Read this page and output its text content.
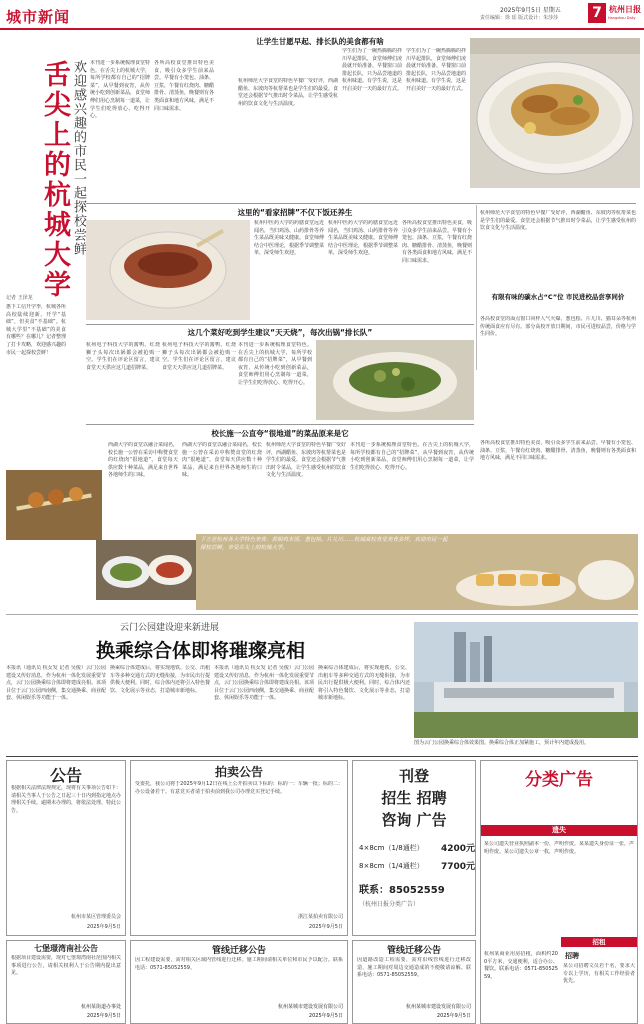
城市新闻	2025年9月5日 星期五
责任编辑：徐 瑶 版式设计：朱莎莎 7 杭州日报
Hangzhou Daily
舌尖上的杭城大学 欢迎感兴趣的市民一起探校尝鲜
记者 王泽龙
惠下工信开学季，杭城各所高校陆续迎新。开学“基础”，但美食“不基础”。杭城大学里“不基础”的美食有哪些？在哪儿？记者整理了打卡攻略，欢迎感兴趣的市民一起探校尝鲜！
本刊进一步系统梳理食堂特色。在舌尖上的杭城大学，每所学校都有自己的“招牌菜”，从早餐到夜宵，从传统小吃到创新菜品，食堂师傅们用心烹制每一道菜，让学生们吃得放心、吃得开心。
各所高校食堂推出特色美食，吸引众多学生前来品尝。早餐有小笼包、油条、豆浆，午餐有红烧肉、糖醋排骨、清蒸鱼，晚餐则有各类面食和地方风味，满足不同口味需求。
杭州师范大学食堂的特色早餐广受好评，西湖醋鱼、东坡肉等杭帮菜也是学生们的最爱。食堂还会根据节气推出时令菜品，让学生感受杭州的饮食文化与生活温度。
让学生甘愿早起、排长队的美食都有啥
学生们为了一碗热腾腾的拌川早起排队，食堂师傅们凌晨就开始准备。早餐窗口前排起长队，只为品尝地道的杭州味道。有学生说，这是开启美好一天的最好方式。
学生们为了一碗热腾腾的拌川早起排队，食堂师傅们凌晨就开始准备。早餐窗口前排起长队，只为品尝地道的杭州味道。有学生说，这是开启美好一天的最好方式。
这里的“看家招牌”不仅下饭还养生
杭州中医药大学的药膳食堂远近闻名，当归鸡汤、山药排骨等养生菜品既美味又健康。食堂师傅结合中医理论，根据季节调整菜单，深受师生欢迎。
杭州中医药大学的药膳食堂远近闻名，当归鸡汤、山药排骨等养生菜品既美味又健康。食堂师傅结合中医理论，根据季节调整菜单，深受师生欢迎。
各所高校食堂推出特色美食，吸引众多学生前来品尝。早餐有小笼包、油条、豆浆，午餐有红烧肉、糖醋排骨、清蒸鱼，晚餐则有各类面食和地方风味，满足不同口味需求。
杭州师范大学食堂的特色早餐广受好评，西湖醋鱼、东坡肉等杭帮菜也是学生们的最爱。食堂还会根据节气推出时令菜品，让学生感受杭州的饮食文化与生活温度。
这几个菜好吃到学生建议“天天烧”，每次出锅“排长队”
杭州电子科技大学的酱鸭、红烧狮子头每次出锅都会被抢购一空。学生们在评论区留言，建议食堂天天供应这几道招牌菜。
杭州电子科技大学的酱鸭、红烧狮子头每次出锅都会被抢购一空。学生们在评论区留言，建议食堂天天供应这几道招牌菜。
本刊进一步系统梳理食堂特色。在舌尖上的杭城大学，每所学校都有自己的“招牌菜”，从早餐到夜宵，从传统小吃到创新菜品，食堂师傅们用心烹制每一道菜，让学生们吃得放心、吃得开心。
有限有味的碳水占“C”位 市民进校品尝享同价
各高校食堂的面点窗口同样人气火爆，葱包桧、片儿川、猫耳朵等杭州传统面食应有尽有。部分高校开放日期间，市民可进校品尝，价格与学生同价。
各所高校食堂推出特色美食，吸引众多学生前来品尝。早餐有小笼包、油条、豆浆，午餐有红烧肉、糖醋排骨、清蒸鱼，晚餐则有各类面食和地方风味，满足不同口味需求。
校长施一公直夸“很地道”的菜品原来是它
西湖大学的食堂以融合菜闻名，校长施一公曾在采访中称赞食堂的红烧肉“很地道”。食堂每天供应数十种菜品，满足来自世界各地师生的口味。
西湖大学的食堂以融合菜闻名，校长施一公曾在采访中称赞食堂的红烧肉“很地道”。食堂每天供应数十种菜品，满足来自世界各地师生的口味。
杭州师范大学食堂的特色早餐广受好评，西湖醋鱼、东坡肉等杭帮菜也是学生们的最爱。食堂还会根据节气推出时令菜品，让学生感受杭州的饮食文化与生活温度。
本刊进一步系统梳理食堂特色。在舌尖上的杭城大学，每所学校都有自己的“招牌菜”，从早餐到夜宵，从传统小吃到创新菜品，食堂师傅们用心烹制每一道菜，让学生们吃得放心、吃得开心。
下方是杭州各大学特色美食：黄焖鸡米饭、葱包桧、片儿川……杭城高校食堂美食多样，欢迎市民一起探校尝鲜，享受舌尖上的杭城大学。
云门公园建设迎来新进展
换乘综合体即将璀璨亮相
本报讯（通讯员 杭女发 记者 吴俊）云门公园建设又传好消息，作为杭州一体化发展重要节点，云门公园换乘综合体即将建成亮相。该项目位于云门公园西南侧，集交通换乘、商业配套、休闲娱乐等功能于一体。
换乘综合体建成后，将实现地铁、公交、出租车等多种交通方式的无缝衔接，为市民出行提供极大便利。同时，综合体内还将引入特色餐饮、文化展示等业态，打造城市新地标。
本报讯（通讯员 杭女发 记者 吴俊）云门公园建设又传好消息，作为杭州一体化发展重要节点，云门公园换乘综合体即将建成亮相。该项目位于云门公园西南侧，集交通换乘、商业配套、休闲娱乐等功能于一体。
换乘综合体建成后，将实现地铁、公交、出租车等多种交通方式的无缝衔接，为市民出行提供极大便利。同时，综合体内还将引入特色餐饮、文化展示等业态，打造城市新地标。
图为云门公园换乘综合体效果图。换乘综合体正加紧施工，预计年内建成投用。
公告
根据相关法律法规规定，现将有关事项公告如下：请相关当事人于公告之日起三十日内到指定地点办理相关手续。逾期未办理的，将依法处理。特此公告。
杭州市某区管理委员会
2025年9月5日
拍卖公告
受委托，我公司将于2025年9月12日在线上公开拍卖以下标的：标的一：车辆一批；标的二：办公设备若干。有意竞买者请于拍卖前到我公司办理竞买登记手续。
浙江某拍卖有限公司
2025年9月5日
刊登
招生 招聘
咨询 广告
4×8cm（1/8通栏） 4200元
8×8cm（1/4通栏） 7700元
联系：85052559
（杭州日报分类广告）
分类广告
遗失
某公司遗失营业执照副本一份，声明作废。某某遗失身份证一张，声明作废。某公司遗失公章一枚，声明作废。
招租
杭州某商业用房招租，面积约200平方米，交通便利，适合办公、餐饮。联系电话：0571-85052559。
招聘
某公司招聘文员若干名，要求大专以上学历，有相关工作经验者优先。
七堡璟湾南社公告
根据项目建设需要，现对七堡璟湾南社范围内相关事项进行公告，请相关权利人于公告期内提出意见。
杭州某街道办事处
2025年9月5日
管线迁移公告
因工程建设需要，需对相关区域内管线进行迁移。施工期间请相关单位和市民予以配合。联系电话：0571-85052559。
杭州某城市建设发展有限公司
2025年9月5日
管线迁移公告
因道路改造工程需要，需对沿线管线进行迁移改造，施工期间对周边交通造成的不便敬请谅解。联系电话：0571-85052559。
杭州某城市建设发展有限公司
2025年9月5日
